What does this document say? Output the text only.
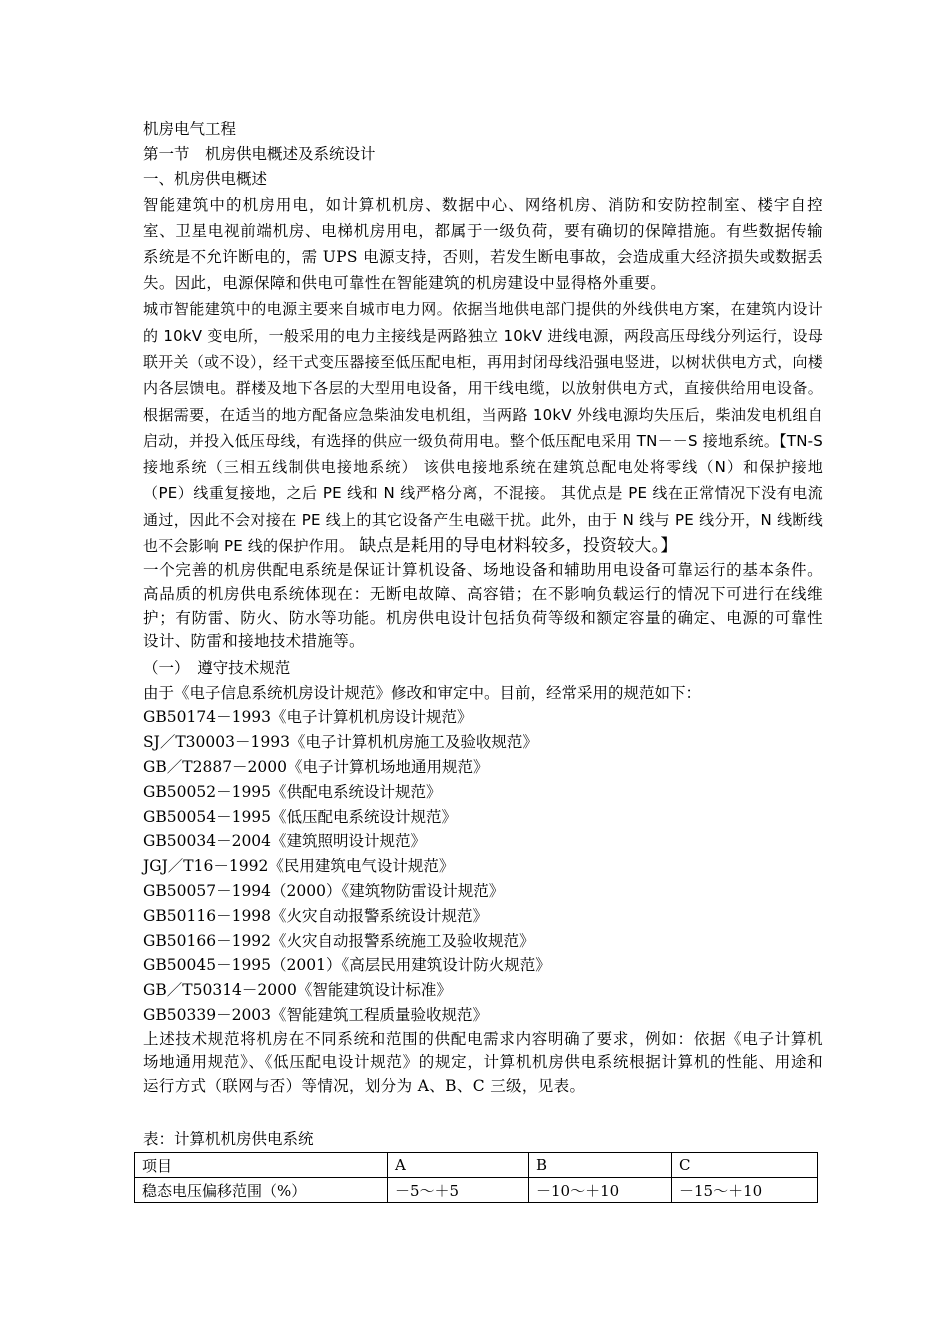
机房电气工程

第一节　机房供电概述及系统设计

一、机房供电概述

智能建筑中的机房用电，如计算机机房、数据中心、网络机房、消防和安防控制室、楼宇自控室、卫星电视前端机房、电梯机房用电，都属于一级负荷，要有确切的保障措施。有些数据传输系统是不允许断电的，需 UPS 电源支持，否则，若发生断电事故，会造成重大经济损失或数据丢失。因此，电源保障和供电可靠性在智能建筑的机房建设中显得格外重要。

城市智能建筑中的电源主要来自城市电力网。依据当地供电部门提供的外线供电方案，在建筑内设计的 10kV 变电所，一般采用的电力主接线是两路独立 10kV 进线电源，两段高压母线分列运行，设母联开关（或不设），经干式变压器接至低压配电柜，再用封闭母线沿强电竖进，以树状供电方式，向楼内各层馈电。群楼及地下各层的大型用电设备，用干线电缆，以放射供电方式，直接供给用电设备。根据需要，在适当的地方配备应急柴油发电机组，当两路 10kV 外线电源均失压后，柴油发电机组自启动，并投入低压母线，有选择的供应一级负荷用电。整个低压配电采用 TN－－S 接地系统。【TN-S 接地系统（三相五线制供电接地系统） 该供电接地系统在建筑总配电处将零线（N）和保护接地（PE）线重复接地，之后 PE 线和 N 线严格分离，不混接。 其优点是 PE 线在正常情况下没有电流通过，因此不会对接在 PE 线上的其它设备产生电磁干扰。此外，由于 N 线与 PE 线分开，N 线断线也不会影响 PE 线的保护作用。 缺点是耗用的导电材料较多，投资较大。】

一个完善的机房供配电系统是保证计算机设备、场地设备和辅助用电设备可靠运行的基本条件。高品质的机房供电系统体现在：无断电故障、高容错；在不影响负载运行的情况下可进行在线维护；有防雷、防火、防水等功能。机房供电设计包括负荷等级和额定容量的确定、电源的可靠性设计、防雷和接地技术措施等。

（一）　遵守技术规范

由于《电子信息系统机房设计规范》修改和审定中。目前，经常采用的规范如下：

GB50174－1993《电子计算机机房设计规范》

SJ／T30003－1993《电子计算机机房施工及验收规范》

GB／T2887－2000《电子计算机场地通用规范》

GB50052－1995《供配电系统设计规范》

GB50054－1995《低压配电系统设计规范》

GB50034－2004《建筑照明设计规范》

JGJ／T16－1992《民用建筑电气设计规范》

GB50057－1994（2000）《建筑物防雷设计规范》

GB50116－1998《火灾自动报警系统设计规范》

GB50166－1992《火灾自动报警系统施工及验收规范》

GB50045－1995（2001）《高层民用建筑设计防火规范》

GB／T50314－2000《智能建筑设计标准》

GB50339－2003《智能建筑工程质量验收规范》

上述技术规范将机房在不同系统和范围的供配电需求内容明确了要求，例如：依据《电子计算机场地通用规范》、《低压配电设计规范》的规定，计算机机房供电系统根据计算机的性能、用途和运行方式（联网与否）等情况，划分为 A、B、C 三级，见表。

表：计算机机房供电系统
项目	A	B	C
稳态电压偏移范围（%）	－5～＋5	－10～＋10	－15～＋10
